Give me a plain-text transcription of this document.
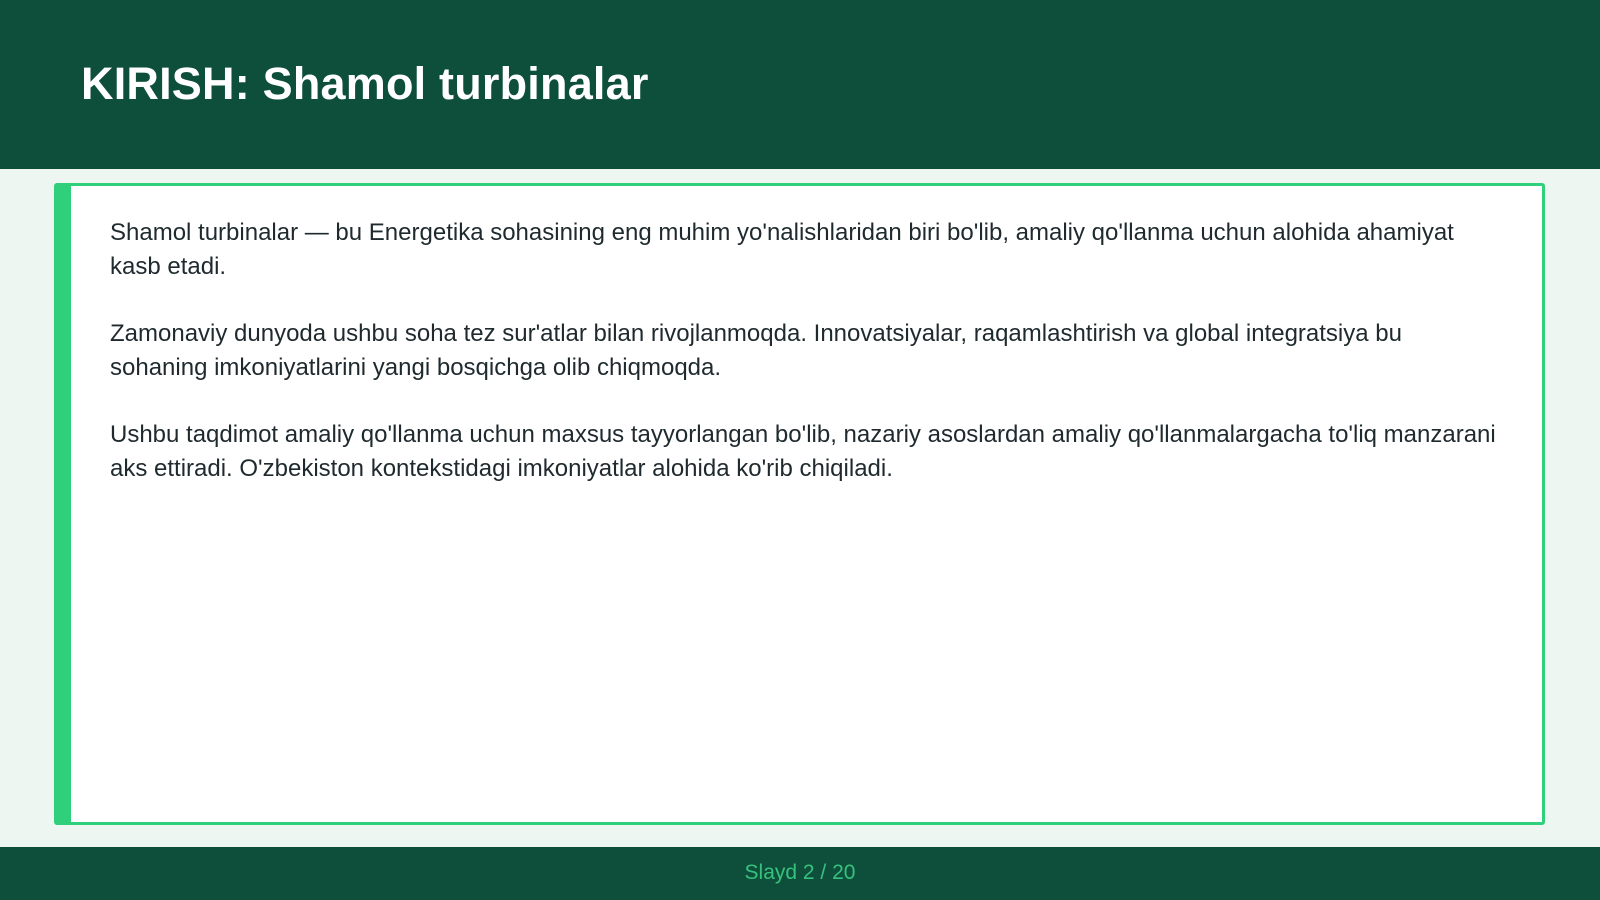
KIRISH: Shamol turbinalar

Shamol turbinalar — bu Energetika sohasining eng muhim yo'nalishlaridan biri bo'lib, amaliy qo'llanma uchun alohida ahamiyat kasb etadi.

Zamonaviy dunyoda ushbu soha tez sur'atlar bilan rivojlanmoqda. Innovatsiyalar, raqamlashtirish va global integratsiya bu sohaning imkoniyatlarini yangi bosqichga olib chiqmoqda.

Ushbu taqdimot amaliy qo'llanma uchun maxsus tayyorlangan bo'lib, nazariy asoslardan amaliy qo'llanmalargacha to'liq manzarani aks ettiradi. O'zbekiston kontekstidagi imkoniyatlar alohida ko'rib chiqiladi.

Slayd 2 / 20
